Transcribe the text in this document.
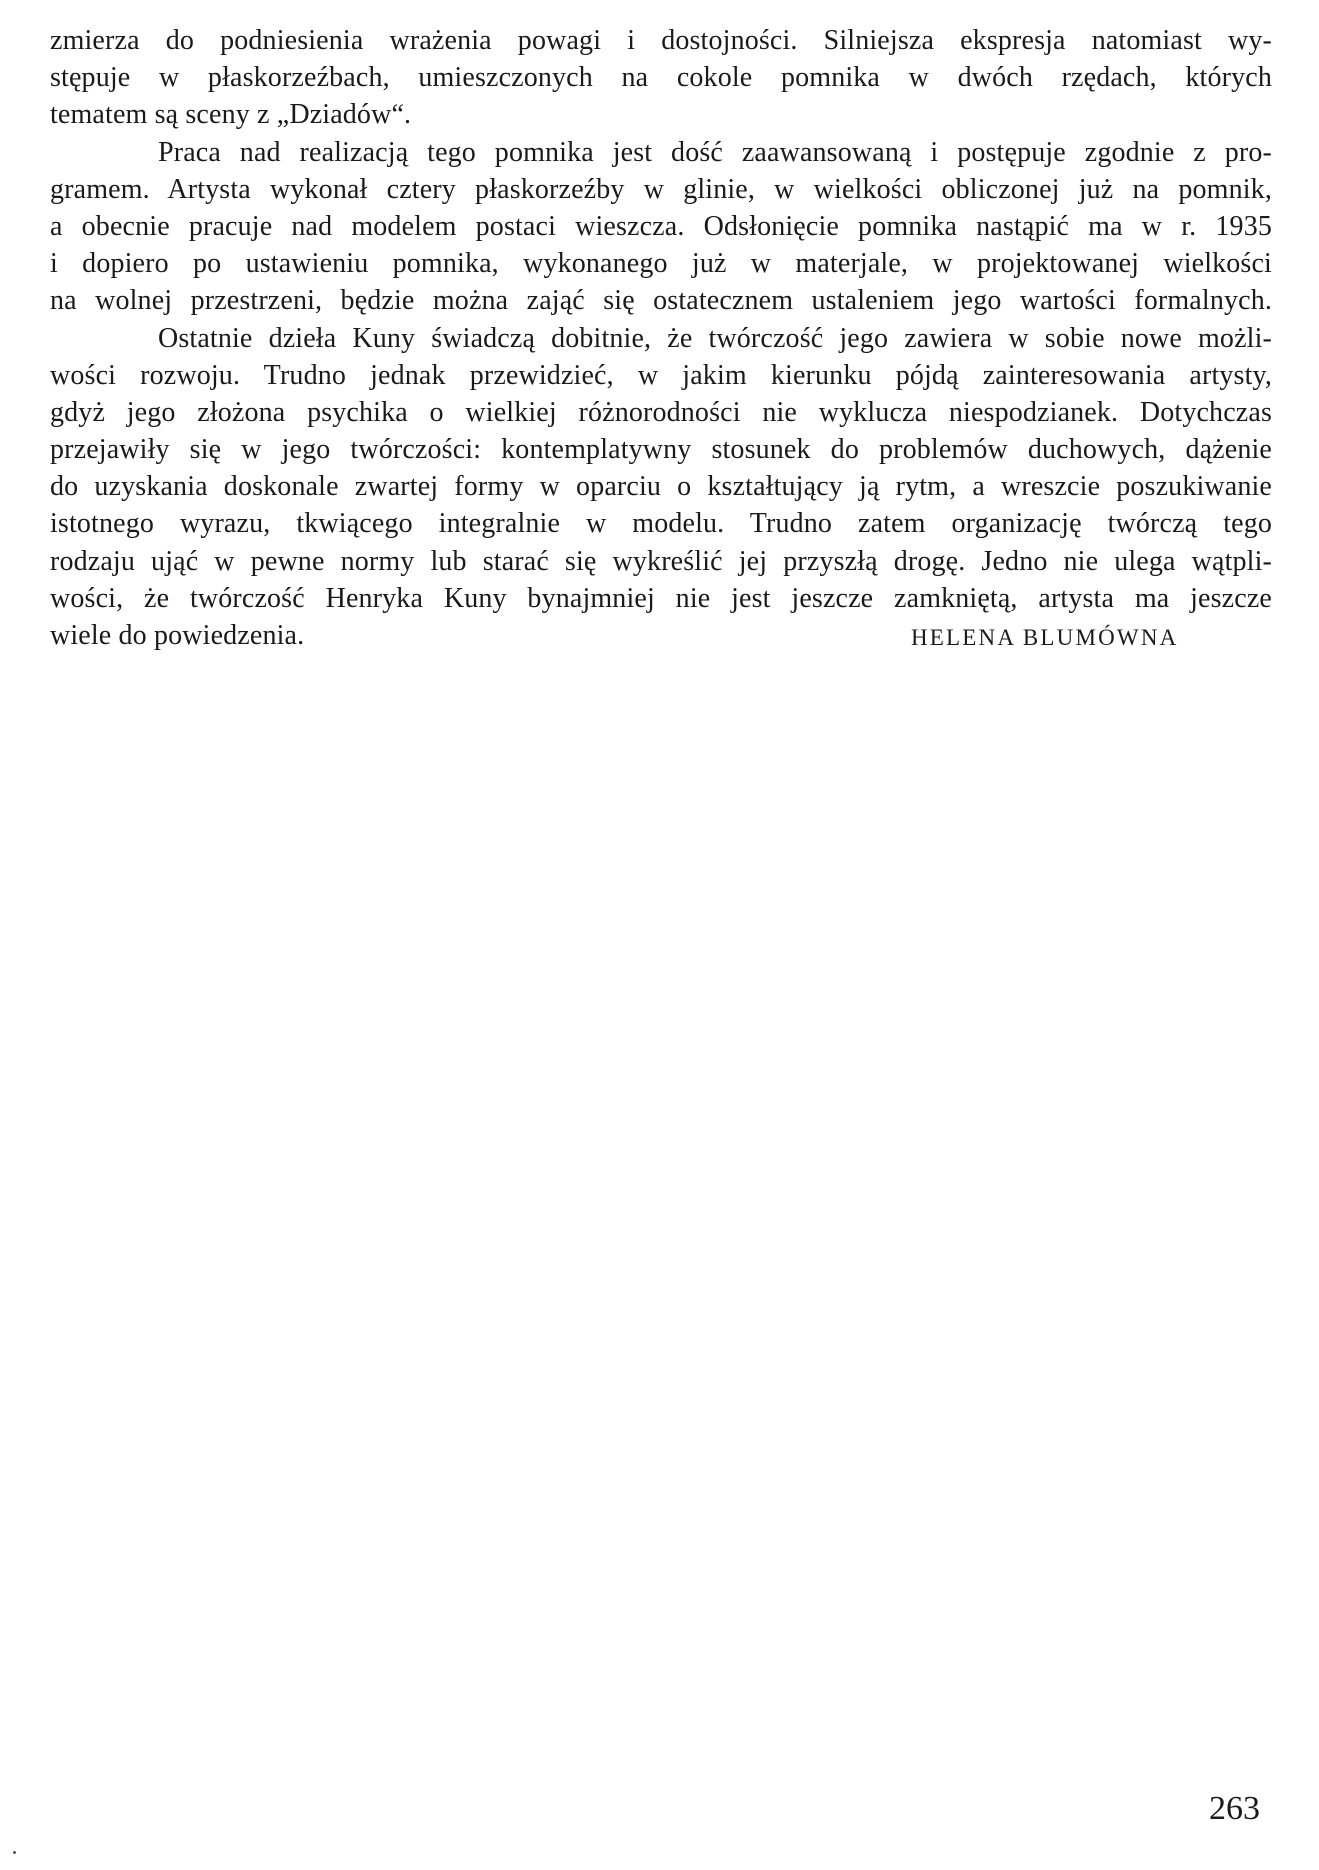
zmierza do podniesienia wrażenia powagi i dostojności. Silniejsza ekspresja natomiast wy-
stępuje w płaskorzeźbach, umieszczonych na cokole pomnika w dwóch rzędach, których
tematem są sceny z „Dziadów“.
Praca nad realizacją tego pomnika jest dość zaawansowaną i postępuje zgodnie z pro-
gramem. Artysta wykonał cztery płaskorzeźby w glinie, w wielkości obliczonej już na pomnik,
a obecnie pracuje nad modelem postaci wieszcza. Odsłonięcie pomnika nastąpić ma w r. 1935
i dopiero po ustawieniu pomnika, wykonanego już w materjale, w projektowanej wielkości
na wolnej przestrzeni, będzie można zająć się ostatecznem ustaleniem jego wartości formalnych.
Ostatnie dzieła Kuny świadczą dobitnie, że twórczość jego zawiera w sobie nowe możli-
wości rozwoju. Trudno jednak przewidzieć, w jakim kierunku pójdą zainteresowania artysty,
gdyż jego złożona psychika o wielkiej różnorodności nie wyklucza niespodzianek. Dotychczas
przejawiły się w jego twórczości: kontemplatywny stosunek do problemów duchowych, dążenie
do uzyskania doskonale zwartej formy w oparciu o kształtujący ją rytm, a wreszcie poszukiwanie
istotnego wyrazu, tkwiącego integralnie w modelu. Trudno zatem organizację twórczą tego
rodzaju ująć w pewne normy lub starać się wykreślić jej przyszłą drogę. Jedno nie ulega wątpli-
wości, że twórczość Henryka Kuny bynajmniej nie jest jeszcze zamkniętą, artysta ma jeszcze
wiele do powiedzenia.	HELENA BLUMÓWNA
263
